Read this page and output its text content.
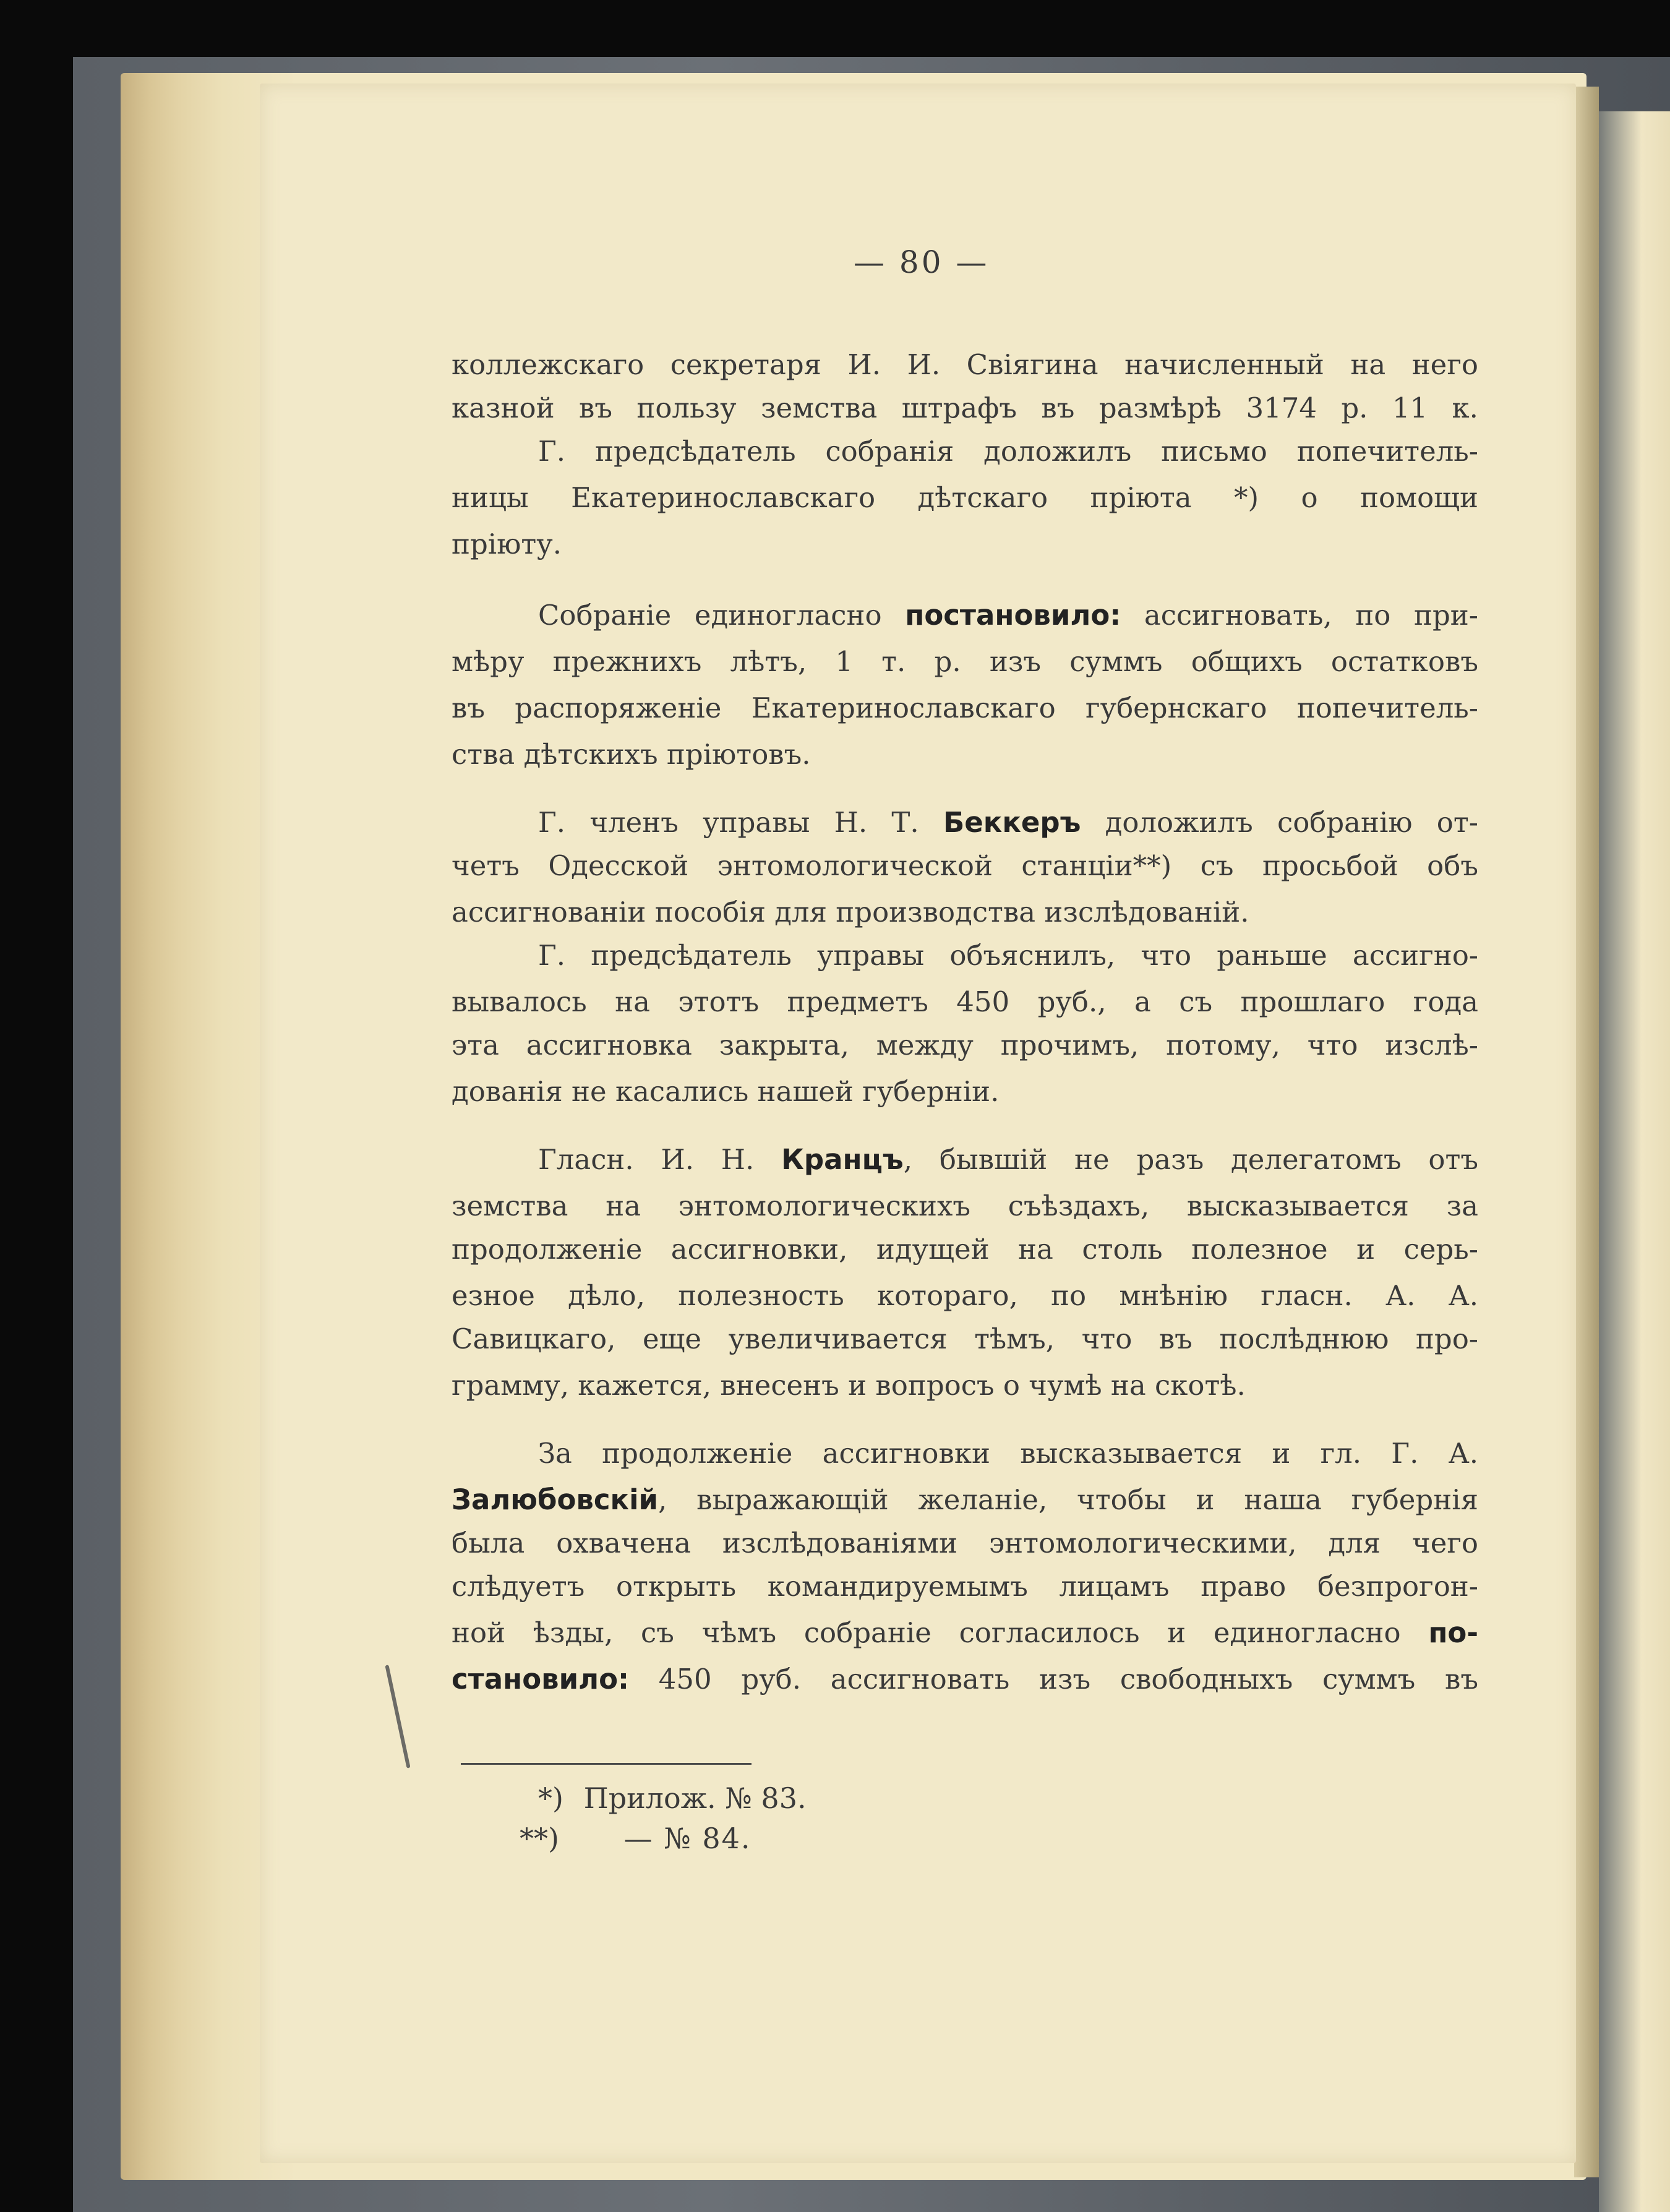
— 80 —
коллежскаго секретаря И. И. Свіягина начисленный на него
казной въ пользу земства штрафъ въ размѣрѣ 3174 р. 11 к.
Г. предсѣдатель собранія доложилъ письмо попечитель-
ницы Екатеринославскаго дѣтскаго пріюта *) о помощи
пріюту.
Собраніе единогласно постановило: ассигновать, по при-
мѣру прежнихъ лѣтъ, 1 т. р. изъ суммъ общихъ остатковъ
въ распоряженіе Екатеринославскаго губернскаго попечитель-
ства дѣтскихъ пріютовъ.
Г. членъ управы Н. Т. Беккеръ доложилъ собранію от-
четъ Одесской энтомологической станціи**) съ просьбой объ
ассигнованіи пособія для производства изслѣдованій.
Г. предсѣдатель управы объяснилъ, что раньше ассигно-
вывалось на этотъ предметъ 450 руб., а съ прошлаго года
эта ассигновка закрыта, между прочимъ, потому, что изслѣ-
дованія не касались нашей губерніи.
Гласн. И. Н. Кранцъ, бывшій не разъ делегатомъ отъ
земства на энтомологическихъ съѣздахъ, высказывается за
продолженіе ассигновки, идущей на столь полезное и серь-
езное дѣло, полезность котораго, по мнѣнію гласн. А. А.
Савицкаго, еще увеличивается тѣмъ, что въ послѣднюю про-
грамму, кажется, внесенъ и вопросъ о чумѣ на скотѣ.
За продолженіе ассигновки высказывается и гл. Г. А.
Залюбовскій, выражающій желаніе, чтобы и наша губернія
была охвачена изслѣдованіями энтомологическими, для чего
слѣдуетъ открыть командируемымъ лицамъ право безпрогон-
ной ѣзды, съ чѣмъ собраніе согласилось и единогласно по-
становило: 450 руб. ассигновать изъ свободныхъ суммъ въ
*) Прилож. № 83.
**) — № 84.
